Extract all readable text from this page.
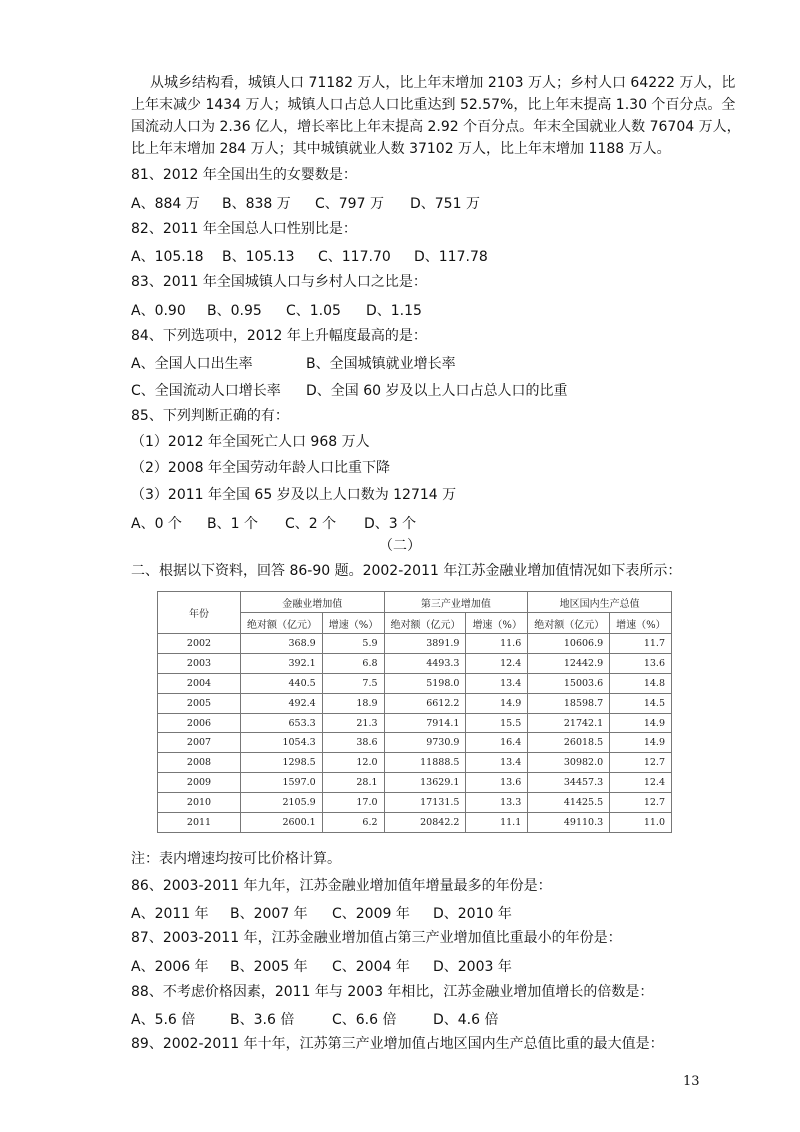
从城乡结构看，城镇人口 71182 万人，比上年末增加 2103 万人；乡村人口 64222 万人，比
上年末减少 1434 万人；城镇人口占总人口比重达到 52.57%，比上年末提高 1.30 个百分点。全
国流动人口为 2.36 亿人，增长率比上年末提高 2.92 个百分点。年末全国就业人数 76704 万人，
比上年末增加 284 万人；其中城镇就业人数 37102 万人，比上年末增加 1188 万人。
81、2012 年全国出生的女婴数是：
A、884 万 B、838 万 C、797 万 D、751 万
82、2011 年全国总人口性别比是：
A、105.18 B、105.13 C、117.70 D、117.78
83、2011 年全国城镇人口与乡村人口之比是：
A、0.90 B、0.95 C、1.05 D、1.15
84、下列选项中，2012 年上升幅度最高的是：
A、全国人口出生率	B、全国城镇就业增长率
C、全国流动人口增长率 D、全国 60 岁及以上人口占总人口的比重
85、下列判断正确的有：
（1）2012 年全国死亡人口 968 万人
（2）2008 年全国劳动年龄人口比重下降
（3）2011 年全国 65 岁及以上人口数为 12714 万
A、0 个 B、1 个 C、2 个 D、3 个
（二）
二、根据以下资料，回答 86-90 题。2002-2011 年江苏金融业增加值情况如下表所示：
年份	金融业增加值		第三产业增加值		地区国内生产总值	
	绝对额（亿元）	增速（%）	绝对额（亿元）	增速（%）	绝对额（亿元）	增速（%）
2002	368.9	5.9	3891.9	11.6	10606.9	11.7
2003	392.1	6.8	4493.3	12.4	12442.9	13.6
2004	440.5	7.5	5198.0	13.4	15003.6	14.8
2005	492.4	18.9	6612.2	14.9	18598.7	14.5
2006	653.3	21.3	7914.1	15.5	21742.1	14.9
2007	1054.3	38.6	9730.9	16.4	26018.5	14.9
2008	1298.5	12.0	11888.5	13.4	30982.0	12.7
2009	1597.0	28.1	13629.1	13.6	34457.3	12.4
2010	2105.9	17.0	17131.5	13.3	41425.5	12.7
2011	2600.1	6.2	20842.2	11.1	49110.3	11.0
注：表内增速均按可比价格计算。
86、2003-2011 年九年，江苏金融业增加值年增量最多的年份是：
A、2011 年 B、2007 年 C、2009 年 D、2010 年
87、2003-2011 年，江苏金融业增加值占第三产业增加值比重最小的年份是：
A、2006 年 B、2005 年 C、2004 年 D、2003 年
88、不考虑价格因素，2011 年与 2003 年相比，江苏金融业增加值增长的倍数是：
A、5.6 倍 B、3.6 倍	C、6.6 倍	D、4.6 倍
89、2002-2011 年十年，江苏第三产业增加值占地区国内生产总值比重的最大值是：
13
